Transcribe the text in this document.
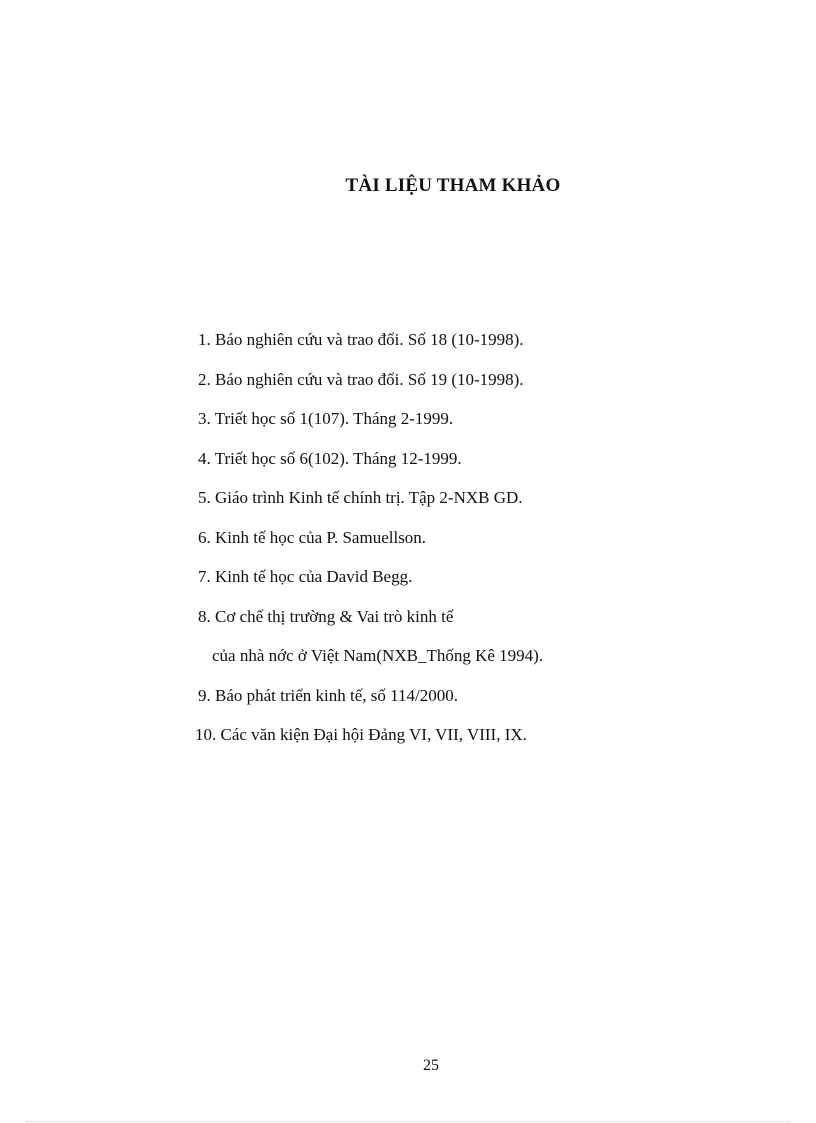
TÀI LIỆU THAM KHẢO
1. Báo nghiên cứu và trao đổi. Số 18 (10-1998).
2. Báo nghiên cứu và trao đổi. Số 19 (10-1998).
3. Triết học số 1(107). Tháng 2-1999.
4. Triết học số 6(102). Tháng 12-1999.
5. Giáo trình Kinh tế chính trị. Tập 2-NXB GD.
6. Kinh tế học của P. Samuellson.
7. Kinh tế học của David Begg.
8. Cơ chế thị trường & Vai trò kinh tế
của nhà nớc ở Việt Nam(NXB_Thống Kê 1994).
9. Báo phát triển kinh tế, số 114/2000.
10. Các văn kiện Đại hội Đảng VI, VII, VIII, IX.
25
